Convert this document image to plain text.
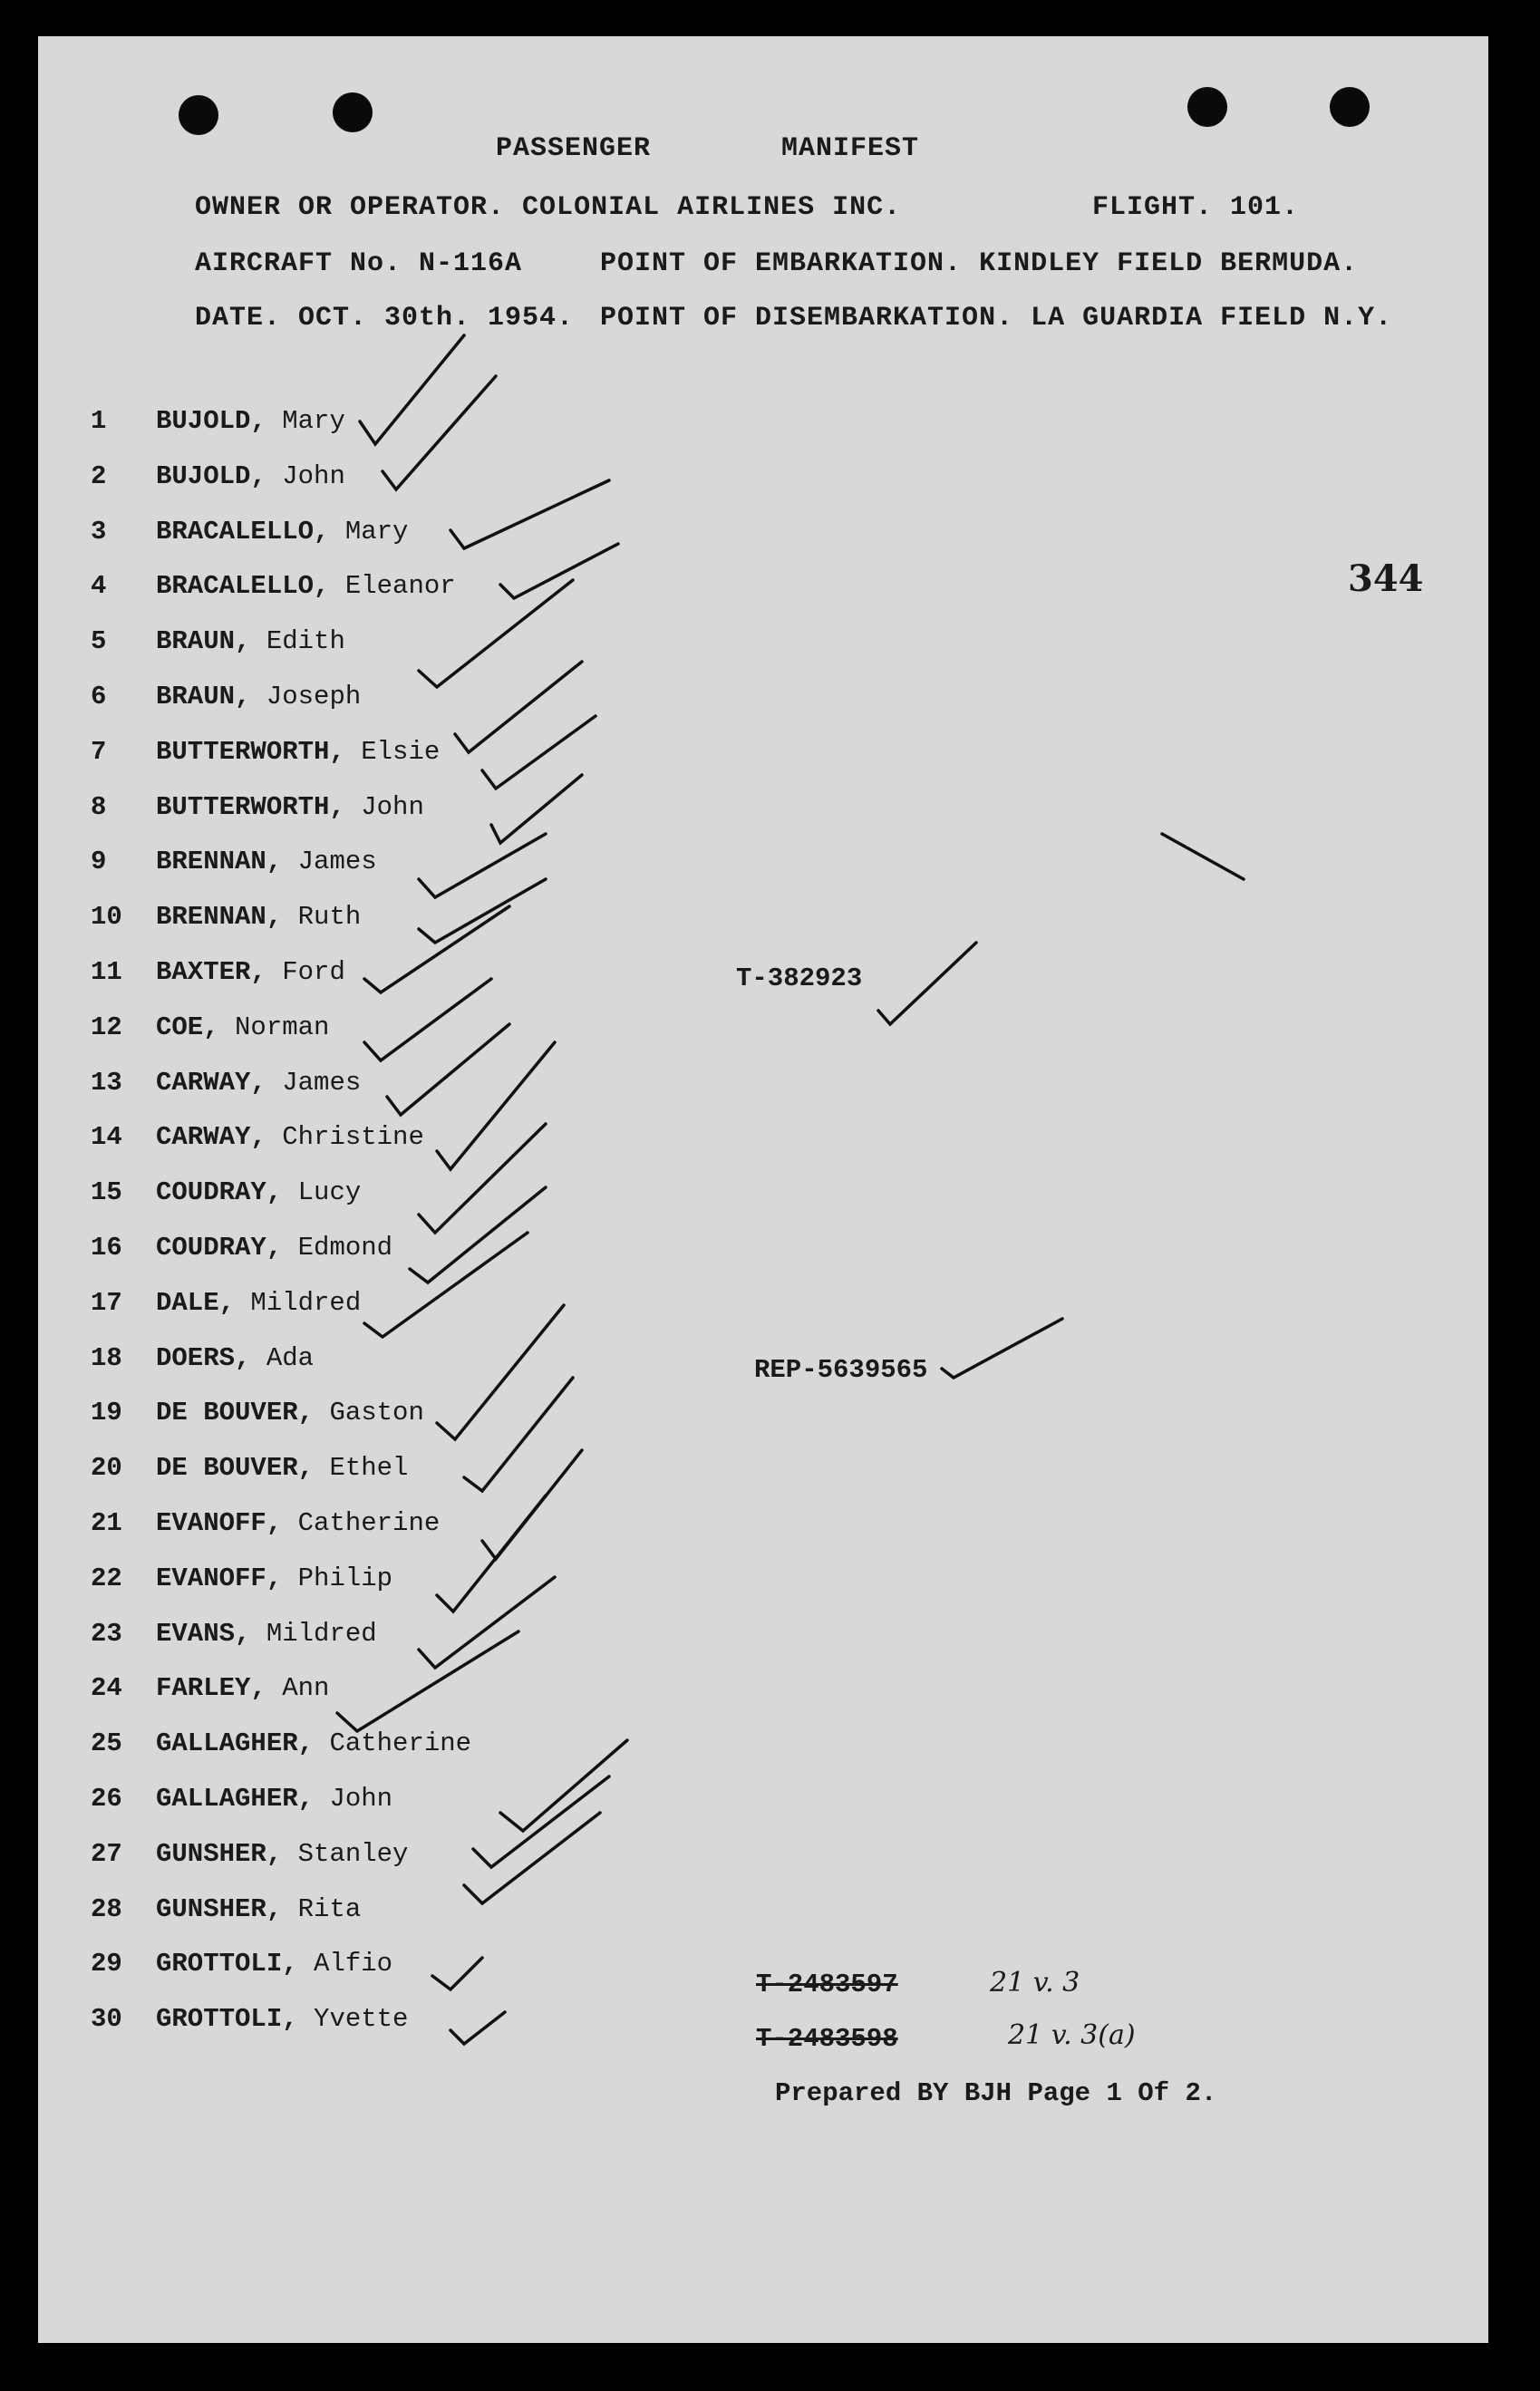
PASSENGER	MANIFEST
OWNER OR OPERATOR. COLONIAL AIRLINES INC.	FLIGHT. 101.
AIRCRAFT No. N-116A	POINT OF EMBARKATION. KINDLEY FIELD BERMUDA.
DATE. OCT. 30th. 1954. POINT OF DISEMBARKATION. LA GUARDIA FIELD N.Y.
344
1 BUJOLD, Mary
2 BUJOLD, John
3 BRACALELLO, Mary
4 BRACALELLO, Eleanor
5 BRAUN, Edith
6 BRAUN, Joseph
7 BUTTERWORTH, Elsie
8 BUTTERWORTH, John
9 BRENNAN, James
10 BRENNAN, Ruth
11 BAXTER, Ford
12 COE, Norman
13 CARWAY, James
14 CARWAY, Christine
15 COUDRAY, Lucy
16 COUDRAY, Edmond
17 DALE, Mildred
18 DOERS, Ada
19 DE BOUVER, Gaston
20 DE BOUVER, Ethel
21 EVANOFF, Catherine
22 EVANOFF, Philip
23 EVANS, Mildred
24 FARLEY, Ann
25 GALLAGHER, Catherine
26 GALLAGHER, John
27 GUNSHER, Stanley
28 GUNSHER, Rita
29 GROTTOLI, Alfio
30 GROTTOLI, Yvette
T-382923
REP-5639565
T-2483597
T-2483598
21 v. 3
21 v. 3(a)
Prepared BY BJH Page 1 Of 2.
